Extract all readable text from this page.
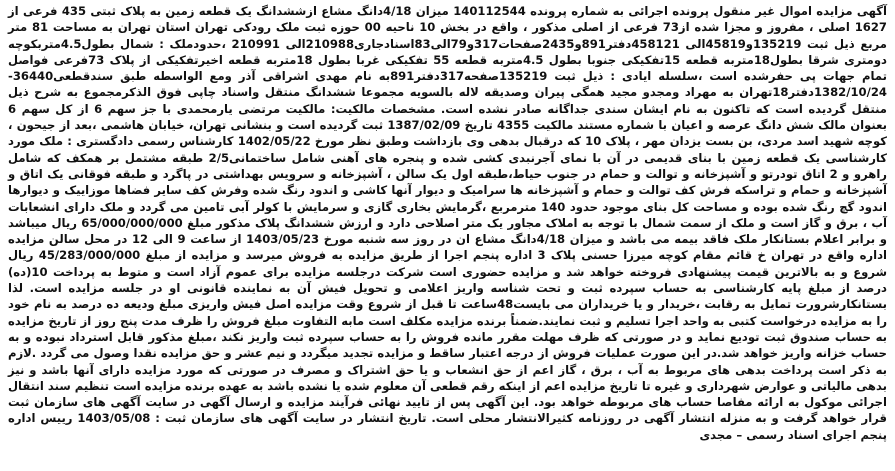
آگهی مزایده اموال غیر منقول پرونده اجرائی به شماره پرونده 140112544 میزان 4/18دانگ مشاع ازششدانگ یک قطعه زمین به پلاک ثبتی 435 فرعی از 1627 اصلی ، مفروز و مجزا شده از73 فرعی از اصلی مذکور ، واقع در بخش 10 ناحیه 00 حوزه ثبت ملک رودکی تهران استان تهران به مساحت 81 متر مربع ذیل ثبت 135219و45819الی 458121دفتر891و2435صفحات317و79الی83اسنادجاری210988الی 210991 ،حدودملک : شمال بطول4.5متربکوچه دومتری شرقا بطول18متربه قطعه 15تفکیکی جنوبا بطول 4.5متربه قطعه 55 تفکیکی غربا بطول 18متربه قطعه اخیرتفکیکی از پلاک 73فرعی فواصل تمام جهات پی حفرشده است ،سلسله ایادی : ذیل ثبت 135219صفحه317دفتر891به نام مهدی اشراقی آذر ومع الواسطه طبق سندقطعی36440-1382/10/24دفتر18تهران به مهراد ومجدو مجید همگی پیران وصدیقه لاله بالسویه مجموعا ششدانگ منتقل واسناد چاپی فوق الذکرمجموع به شرح ذیل منتقل گردیده است که تاکنون به نام ایشان سندی جداگانه صادر نشده است. مشخصات مالکیت: مالکیت مرتضی یارمحمدی با جز سهم 6 از کل سهم 6 بعنوان مالک شش دانگ عرصه و اعیان با شماره مستند مالکیت 4355 تاریخ 1387/02/09 ثبت گردیده است و بنشانی تهران، خیابان هاشمی ،بعد از جیحون ، کوچه شهید اسد مردی، بن بست یزدان مهر ، پلاک 10 که درقبال بدهی وی بازداشت وطبق نظر مورخ 1402/05/22 کارشناس رسمی دادگستری : ملک مورد کارشناسی یک قطعه زمین با بنای قدیمی در آن با نمای آجرنبدی کشی شده و پنجره های آهنی شامل ساختمانی2/5 طبقه مشتمل بر همکف که شامل راهرو و 2 اتاق تودرتو و آشپزخانه و توالت و حمام در جنوب حیاط،طبقه اول یک سالن ، آشپزخانه و سرویس بهداشتی در پاگرد و طبقه فوقانی یک اتاق و آشپزخانه و حمام و تراسکه فرش کف توالت و حمام و آشپزخانه ها سرامیک و دیوار آنها کاشی و اندود رنگ شده وفرش کف سایر فضاها موزاییک و دیوارها اندود گچ رنگ شده بوده و مساحت کل بنای موجود حدود 140 مترمربع ،گرمایش بخاری گازی و سرمایش با کولر آبی تامین می گردد و ملک دارای انشعابات آب ، برق و گاز است و ملک از سمت شمال با توجه به املاک مجاور یک متر اصلاحی دارد و ارزش ششدانگ پلاک مذکور مبلغ 65/000/000/000 ریال میباشد و برابر اعلام بستانکار ملک فاقد بیمه می باشد و میزان 4/18دانگ مشاع ان در روز سه شنبه مورخ 1403/05/23 از ساعت 9 الی 12 در محل سالن مزایده اداره واقع در تهران خ قائم مقام کوچه میرزا حسنی پلاک 3 اداره پنجم اجرا از طریق مزایده به فروش میرسد و مزایده از مبلغ 45/283/000/000 ریال شروع و به بالاترین قیمت پیشنهادی فروخته خواهد شد و مزایده حضوری است شرکت درجلسه مزایده برای عموم آزاد است و متوط به پرداخت 10(ده) درصد از مبلغ پایه کارشناسی به حساب سپرده ثبت و تحت شناسه واریز اعلامی و تحویل فیش آن به نماینده قانونی او در جلسه مزایده است. لذا بستانکارشرورت تمایل به رقابت ،خریدار و یا خریداران می بایست48ساعت تا قبل از شروع وقت مزایده اصل فیش واریزی مبلغ ودیعه ده درصد به نام خود را به مزایده درخواست کتبی به واحد اجرا تسلیم و ثبت نمایند.ضمناً برنده مزایده مکلف است مابه التفاوت مبلغ فروش را ظرف مدت پنج روز از تاریخ مزایده به حساب صندوق ثبت تودیع نماید و در صورتی که ظرف مهلت مقرر مانده فروش را به حساب سپرده ثبت واریز نکند ،مبلغ مذکور قابل استرداد نبوده و به حساب خزانه واریز خواهد شد.در این صورت عملیات فروش از درجه اعتبار ساقط و مزایده تجدید میگردد و نیم عشر و حق مزایده نقدا وصول می گردد .لازم به ذکر است پرداخت بدهی های مربوط به آب ، برق ، گاز اعم از حق انشعاب و یا حق اشتراک و مصرف در صورتی که مورد مزایده دارای آنها باشد و نیز بدهی مالیاتی و عوارض شهرداری و غیره تا تاریخ مزایده اعم از اینکه رقم قطعی آن معلوم شده یا نشده باشد به عهده برنده مزایده است تنظیم سند انتقال اجرائی موکول به ارائه مفاصا حساب های مربوطه خواهد بود. این آگهی پس از تایید نهائی فرآیند مزایده و ارسال آگهی در سایت آگهی های سازمان ثبت قرار خواهد گرفت و به منزله انتشار آگهی در روزنامه کثیرالانتشار محلی است. تاریخ انتشار در سایت آگهی های سازمان ثبت : 1403/05/08 رییس اداره پنجم اجرای اسناد رسمی – مجدی
